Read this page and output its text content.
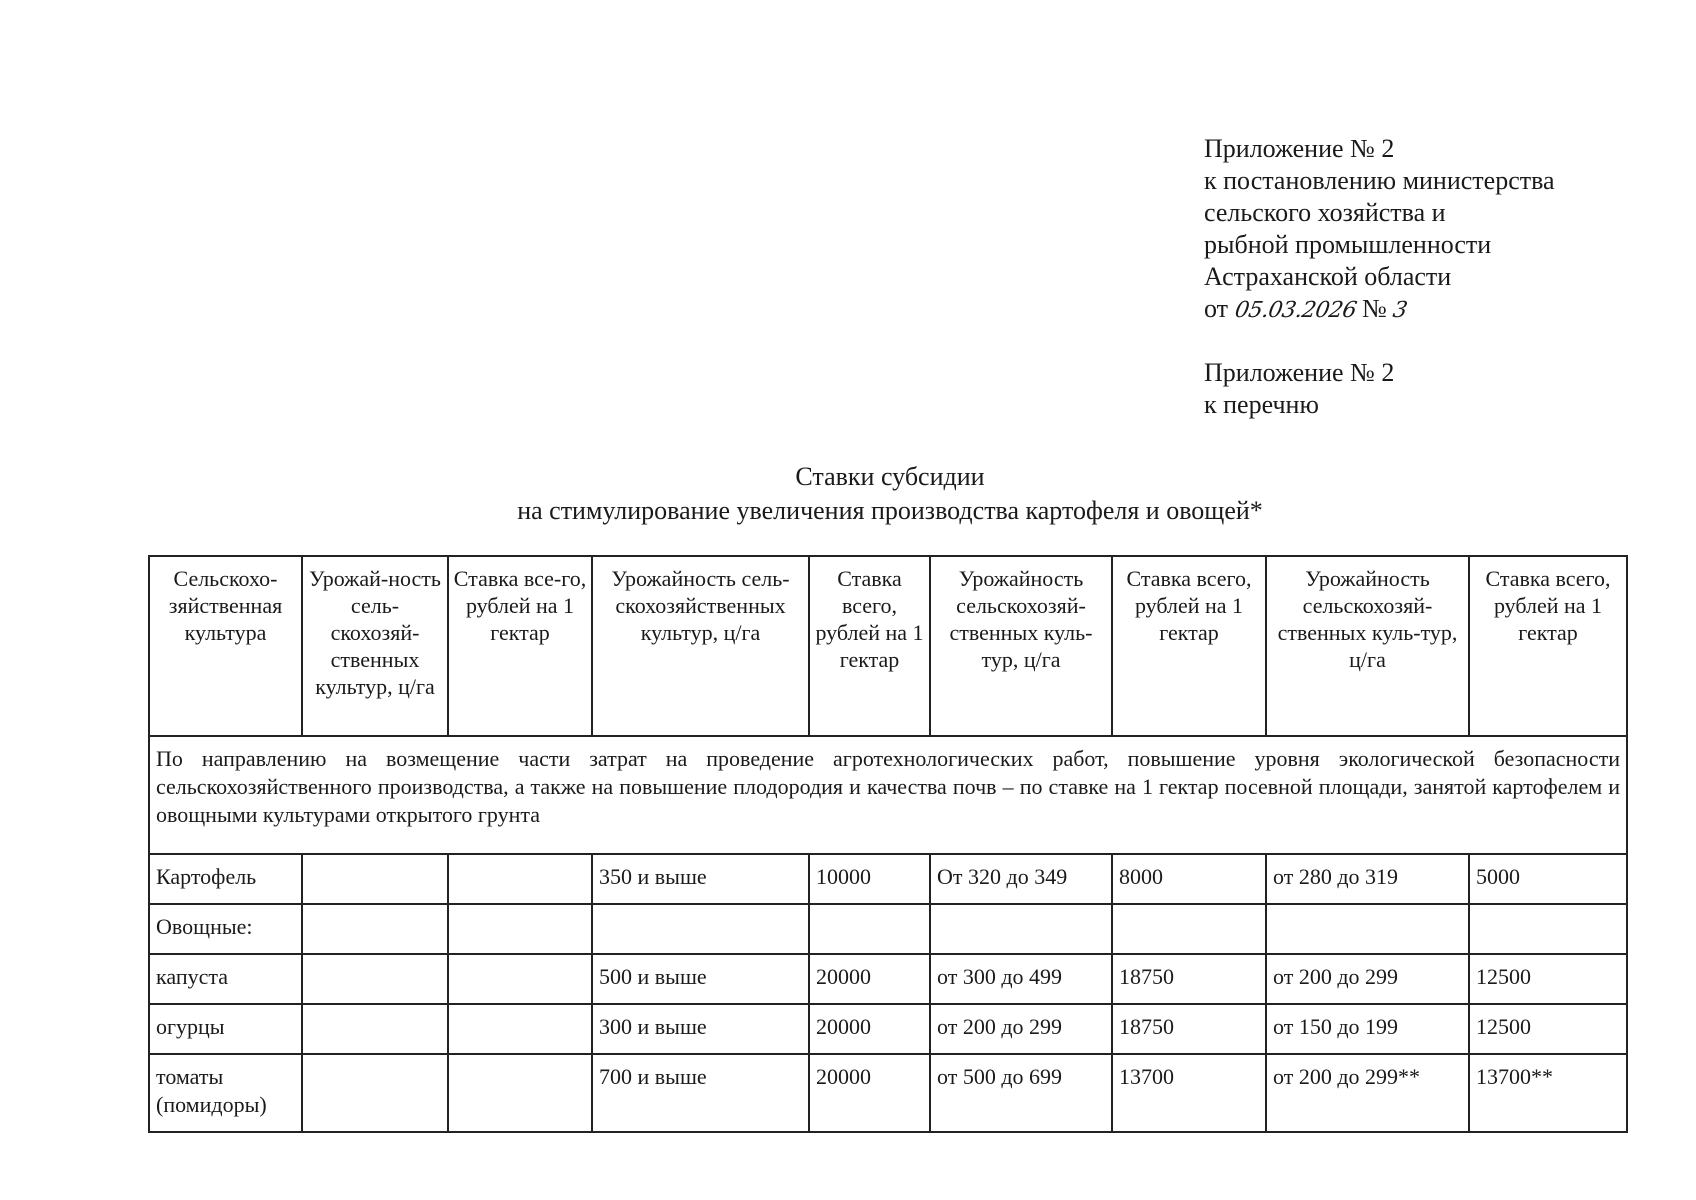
Приложение № 2
к постановлению министерства
сельского хозяйства и
рыбной промышленности
Астраханской области
от 05.03.2026 № 3
Приложение № 2
к перечню
Ставки субсидии
на стимулирование увеличения производства картофеля и овощей*
Сельскохо-зяйственная культура	Урожай-ность сель-скохозяй-ственных культур, ц/га	Ставка все-го, рублей на 1 гектар	Урожайность сель-скохозяйственных культур, ц/га	Ставка всего, рублей на 1 гектар	Урожайность сельскохозяй-ственных куль-тур, ц/га	Ставка всего, рублей на 1 гектар	Урожайность сельскохозяй-ственных куль-тур, ц/га	Ставка всего, рублей на 1 гектар
По направлению на возмещение части затрат на проведение агротехнологических работ, повышение уровня экологической безопасности сельскохозяйственного производства, а также на повышение плодородия и качества почв – по ставке на 1 гектар посевной площади, занятой картофелем и овощными культурами открытого грунта								
Картофель			350 и выше	10000	От 320 до 349	8000	от 280 до 319	5000
Овощные:								
капуста			500 и выше	20000	от 300 до 499	18750	от 200 до 299	12500
огурцы			300 и выше	20000	от 200 до 299	18750	от 150 до 199	12500
томаты (помидоры)			700 и выше	20000	от 500 до 699	13700	от 200 до 299**	13700**
